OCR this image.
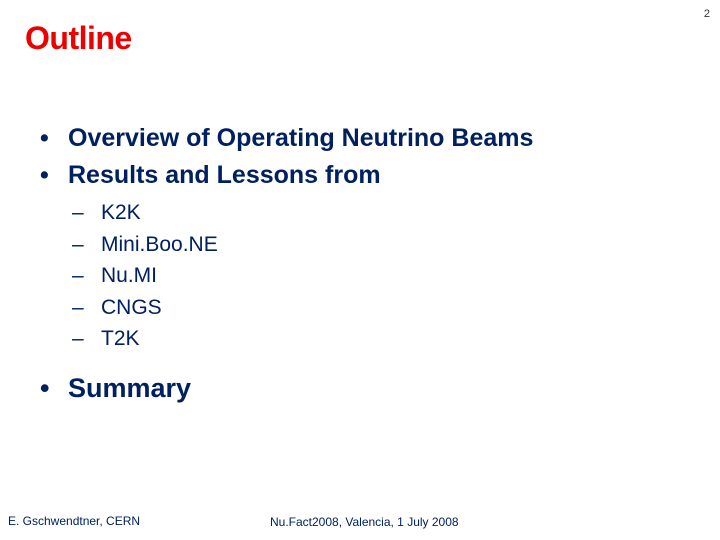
2
Outline
• Overview of Operating Neutrino Beams
• Results and Lessons from
– K2K
– Mini.Boo.NE
– Nu.MI
– CNGS
– T2K
• Summary
E. Gschwendtner, CERN	Nu.Fact2008, Valencia, 1 July 2008
